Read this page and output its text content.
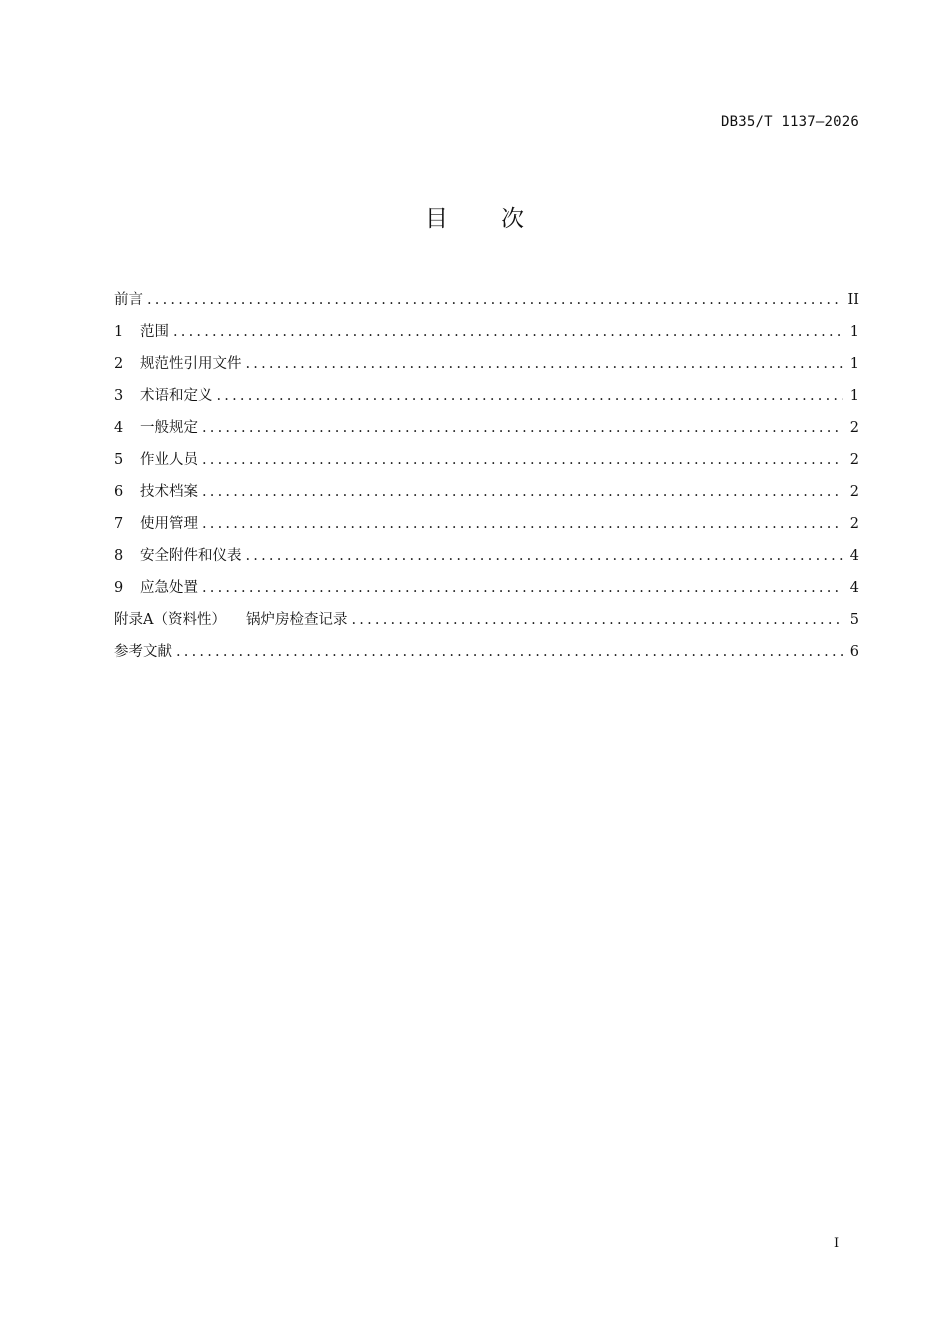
DB35/T 1137—2026
目 次
前言 .....	II
1	范围 .....	1
2	规范性引用文件 .....	1
3	术语和定义 .....	1
4	一般规定 .....	2
5	作业人员 .....	2
6	技术档案 .....	2
7	使用管理 .....	2
8	安全附件和仪表 .....	4
9	应急处置 .....	4
附录A（资料性） 锅炉房检查记录 .....	5
参考文献 .....	6
I
